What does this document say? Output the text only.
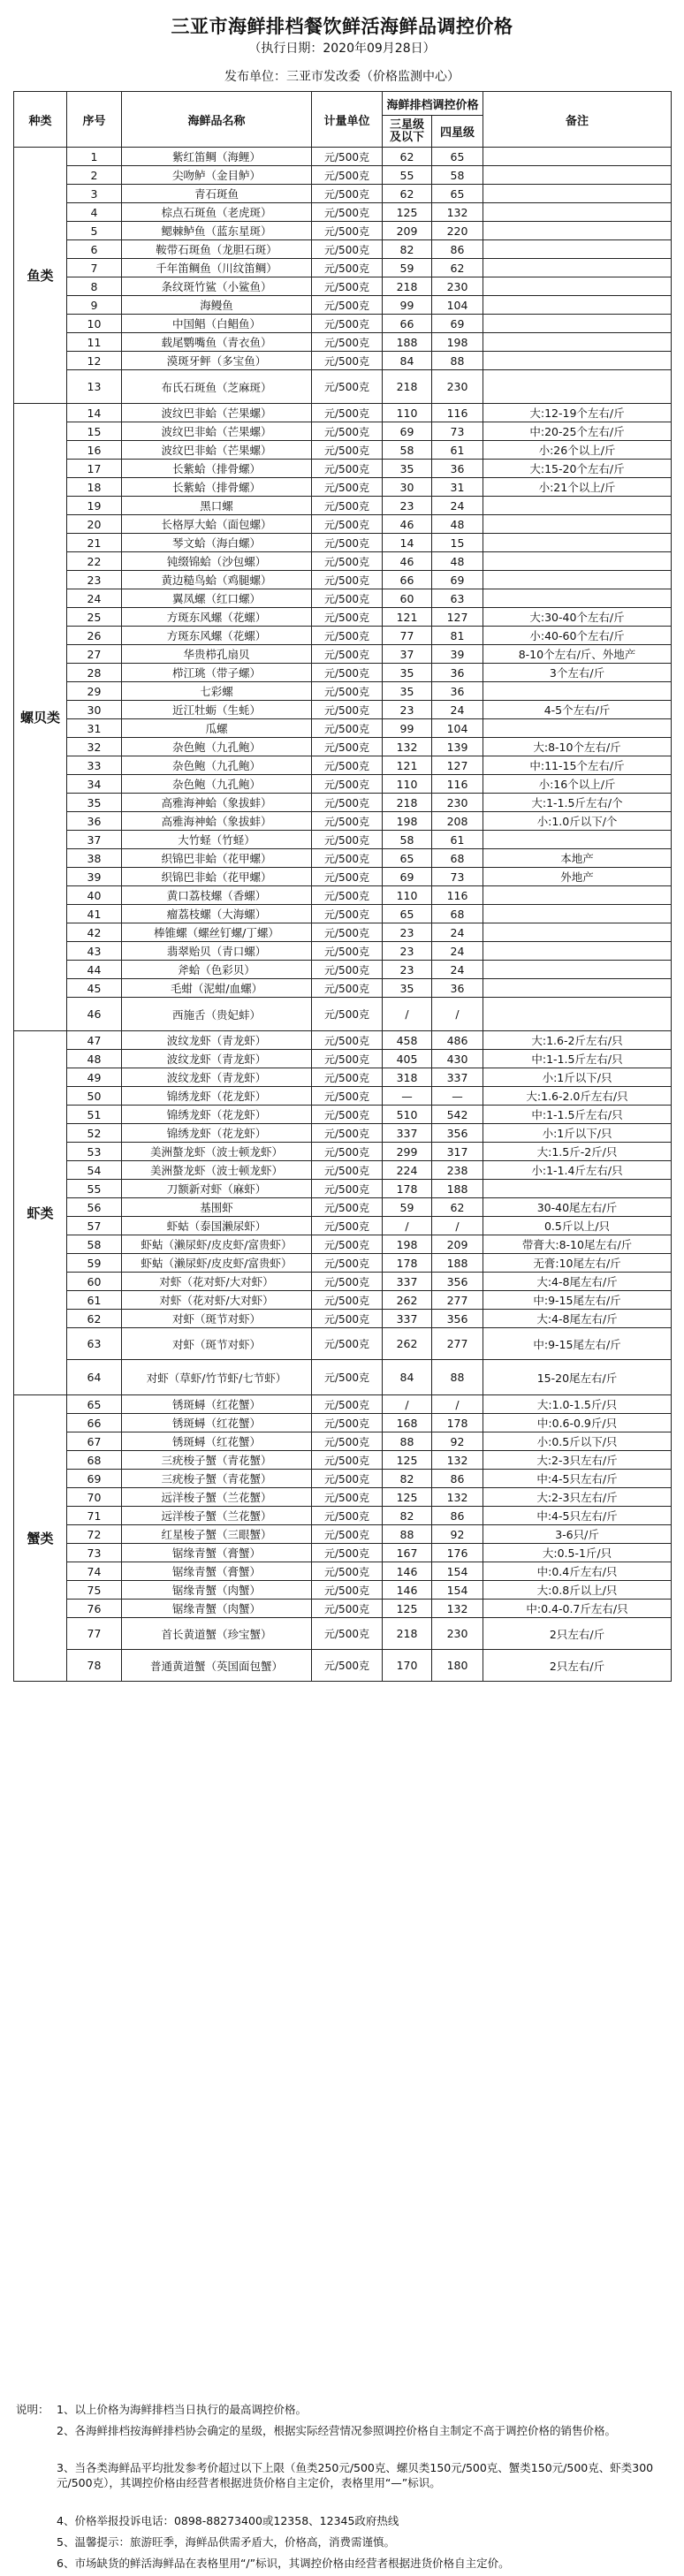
三亚市海鲜排档餐饮鲜活海鲜品调控价格
（执行日期：2020年09月28日）
发布单位：三亚市发改委（价格监测中心）
种类	序号	海鲜品名称	计量单位	海鲜排档调控价格		备注
				三星级及以下	四星级	
鱼类	1	紫红笛鲷（海鲤）	元/500克	62	65	
	2	尖吻鲈（金目鲈）	元/500克	55	58	
	3	青石斑鱼	元/500克	62	65	
	4	棕点石斑鱼（老虎斑）	元/500克	125	132	
	5	鳃棘鲈鱼（蓝东星斑）	元/500克	209	220	
	6	鞍带石斑鱼（龙胆石斑）	元/500克	82	86	
	7	千年笛鲷鱼（川纹笛鲷）	元/500克	59	62	
	8	条纹斑竹鲨（小鲨鱼）	元/500克	218	230	
	9	海鳗鱼	元/500克	99	104	
	10	中国鲳（白鲳鱼）	元/500克	66	69	
	11	载尾鹦嘴鱼（青衣鱼）	元/500克	188	198	
	12	漠斑牙鲆（多宝鱼）	元/500克	84	88	
	13	布氏石斑鱼（芝麻斑）	元/500克	218	230	
螺贝类	14	波纹巴非蛤（芒果螺）	元/500克	110	116	大:12-19个左右/斤
	15	波纹巴非蛤（芒果螺）	元/500克	69	73	中:20-25个左右/斤
	16	波纹巴非蛤（芒果螺）	元/500克	58	61	小:26个以上/斤
	17	长紫蛤（排骨螺）	元/500克	35	36	大:15-20个左右/斤
	18	长紫蛤（排骨螺）	元/500克	30	31	小:21个以上/斤
	19	黑口螺	元/500克	23	24	
	20	长格厚大蛤（面包螺）	元/500克	46	48	
	21	琴文蛤（海白螺）	元/500克	14	15	
	22	钝缀锦蛤（沙包螺）	元/500克	46	48	
	23	黄边糙鸟蛤（鸡腿螺）	元/500克	66	69	
	24	翼凤螺（红口螺）	元/500克	60	63	
	25	方斑东风螺（花螺）	元/500克	121	127	大:30-40个左右/斤
	26	方斑东风螺（花螺）	元/500克	77	81	小:40-60个左右/斤
	27	华贵栉孔扇贝	元/500克	37	39	8-10个左右/斤、外地产
	28	栉江珧（带子螺）	元/500克	35	36	3个左右/斤
	29	七彩螺	元/500克	35	36	
	30	近江牡蛎（生蚝）	元/500克	23	24	4-5个左右/斤
	31	瓜螺	元/500克	99	104	
	32	杂色鲍（九孔鲍）	元/500克	132	139	大:8-10个左右/斤
	33	杂色鲍（九孔鲍）	元/500克	121	127	中:11-15个左右/斤
	34	杂色鲍（九孔鲍）	元/500克	110	116	小:16个以上/斤
	35	高雅海神蛤（象拔蚌）	元/500克	218	230	大:1-1.5斤左右/个
	36	高雅海神蛤（象拔蚌）	元/500克	198	208	小:1.0斤以下/个
	37	大竹蛏（竹蛏）	元/500克	58	61	
	38	织锦巴非蛤（花甲螺）	元/500克	65	68	本地产
	39	织锦巴非蛤（花甲螺）	元/500克	69	73	外地产
	40	黄口荔枝螺（香螺）	元/500克	110	116	
	41	瘤荔枝螺（大海螺）	元/500克	65	68	
	42	棒锥螺（螺丝钉螺/丁螺）	元/500克	23	24	
	43	翡翠贻贝（青口螺）	元/500克	23	24	
	44	斧蛤（色彩贝）	元/500克	23	24	
	45	毛蚶（泥蚶/血螺）	元/500克	35	36	
	46	西施舌（贵妃蚌）	元/500克	/	/	
虾类	47	波纹龙虾（青龙虾）	元/500克	458	486	大:1.6-2斤左右/只
	48	波纹龙虾（青龙虾）	元/500克	405	430	中:1-1.5斤左右/只
	49	波纹龙虾（青龙虾）	元/500克	318	337	小:1斤以下/只
	50	锦绣龙虾（花龙虾）	元/500克	—	—	大:1.6-2.0斤左右/只
	51	锦绣龙虾（花龙虾）	元/500克	510	542	中:1-1.5斤左右/只
	52	锦绣龙虾（花龙虾）	元/500克	337	356	小:1斤以下/只
	53	美洲螯龙虾（波士顿龙虾）	元/500克	299	317	大:1.5斤-2斤/只
	54	美洲螯龙虾（波士顿龙虾）	元/500克	224	238	小:1-1.4斤左右/只
	55	刀额新对虾（麻虾）	元/500克	178	188	
	56	基围虾	元/500克	59	62	30-40尾左右/斤
	57	虾蛄（泰国濑尿虾）	元/500克	/	/	0.5斤以上/只
	58	虾蛄（濑尿虾/皮皮虾/富贵虾）	元/500克	198	209	带膏大:8-10尾左右/斤
	59	虾蛄（濑尿虾/皮皮虾/富贵虾）	元/500克	178	188	无膏:10尾左右/斤
	60	对虾（花对虾/大对虾）	元/500克	337	356	大:4-8尾左右/斤
	61	对虾（花对虾/大对虾）	元/500克	262	277	中:9-15尾左右/斤
	62	对虾（斑节对虾）	元/500克	337	356	大:4-8尾左右/斤
	63	对虾（斑节对虾）	元/500克	262	277	中:9-15尾左右/斤
	64	对虾（草虾/竹节虾/七节虾）	元/500克	84	88	15-20尾左右/斤
蟹类	65	锈斑蟳（红花蟹）	元/500克	/	/	大:1.0-1.5斤/只
	66	锈斑蟳（红花蟹）	元/500克	168	178	中:0.6-0.9斤/只
	67	锈斑蟳（红花蟹）	元/500克	88	92	小:0.5斤以下/只
	68	三疣梭子蟹（青花蟹）	元/500克	125	132	大:2-3只左右/斤
	69	三疣梭子蟹（青花蟹）	元/500克	82	86	中:4-5只左右/斤
	70	远洋梭子蟹（兰花蟹）	元/500克	125	132	大:2-3只左右/斤
	71	远洋梭子蟹（兰花蟹）	元/500克	82	86	中:4-5只左右/斤
	72	红星梭子蟹（三眼蟹）	元/500克	88	92	3-6只/斤
	73	锯缘青蟹（膏蟹）	元/500克	167	176	大:0.5-1斤/只
	74	锯缘青蟹（膏蟹）	元/500克	146	154	中:0.4斤左右/只
	75	锯缘青蟹（肉蟹）	元/500克	146	154	大:0.8斤以上/只
	76	锯缘青蟹（肉蟹）	元/500克	125	132	中:0.4-0.7斤左右/只
	77	首长黄道蟹（珍宝蟹）	元/500克	218	230	2只左右/斤
	78	普通黄道蟹（英国面包蟹）	元/500克	170	180	2只左右/斤
说明： 1、以上价格为海鲜排档当日执行的最高调控价格。
2、各海鲜排档按海鲜排档协会确定的星级，根据实际经营情况参照调控价格自主制定不高于调控价格的销售价格。
3、当各类海鲜品平均批发参考价超过以下上限（鱼类250元/500克、螺贝类150元/500克、蟹类150元/500克、虾类300元/500克），其调控价格由经营者根据进货价格自主定价，表格里用“—”标识。
4、价格举报投诉电话：0898-88273400或12358、12345政府热线
5、温馨提示：旅游旺季，海鲜品供需矛盾大，价格高，消费需谨慎。
6、市场缺货的鲜活海鲜品在表格里用“/”标识，其调控价格由经营者根据进货价格自主定价。
